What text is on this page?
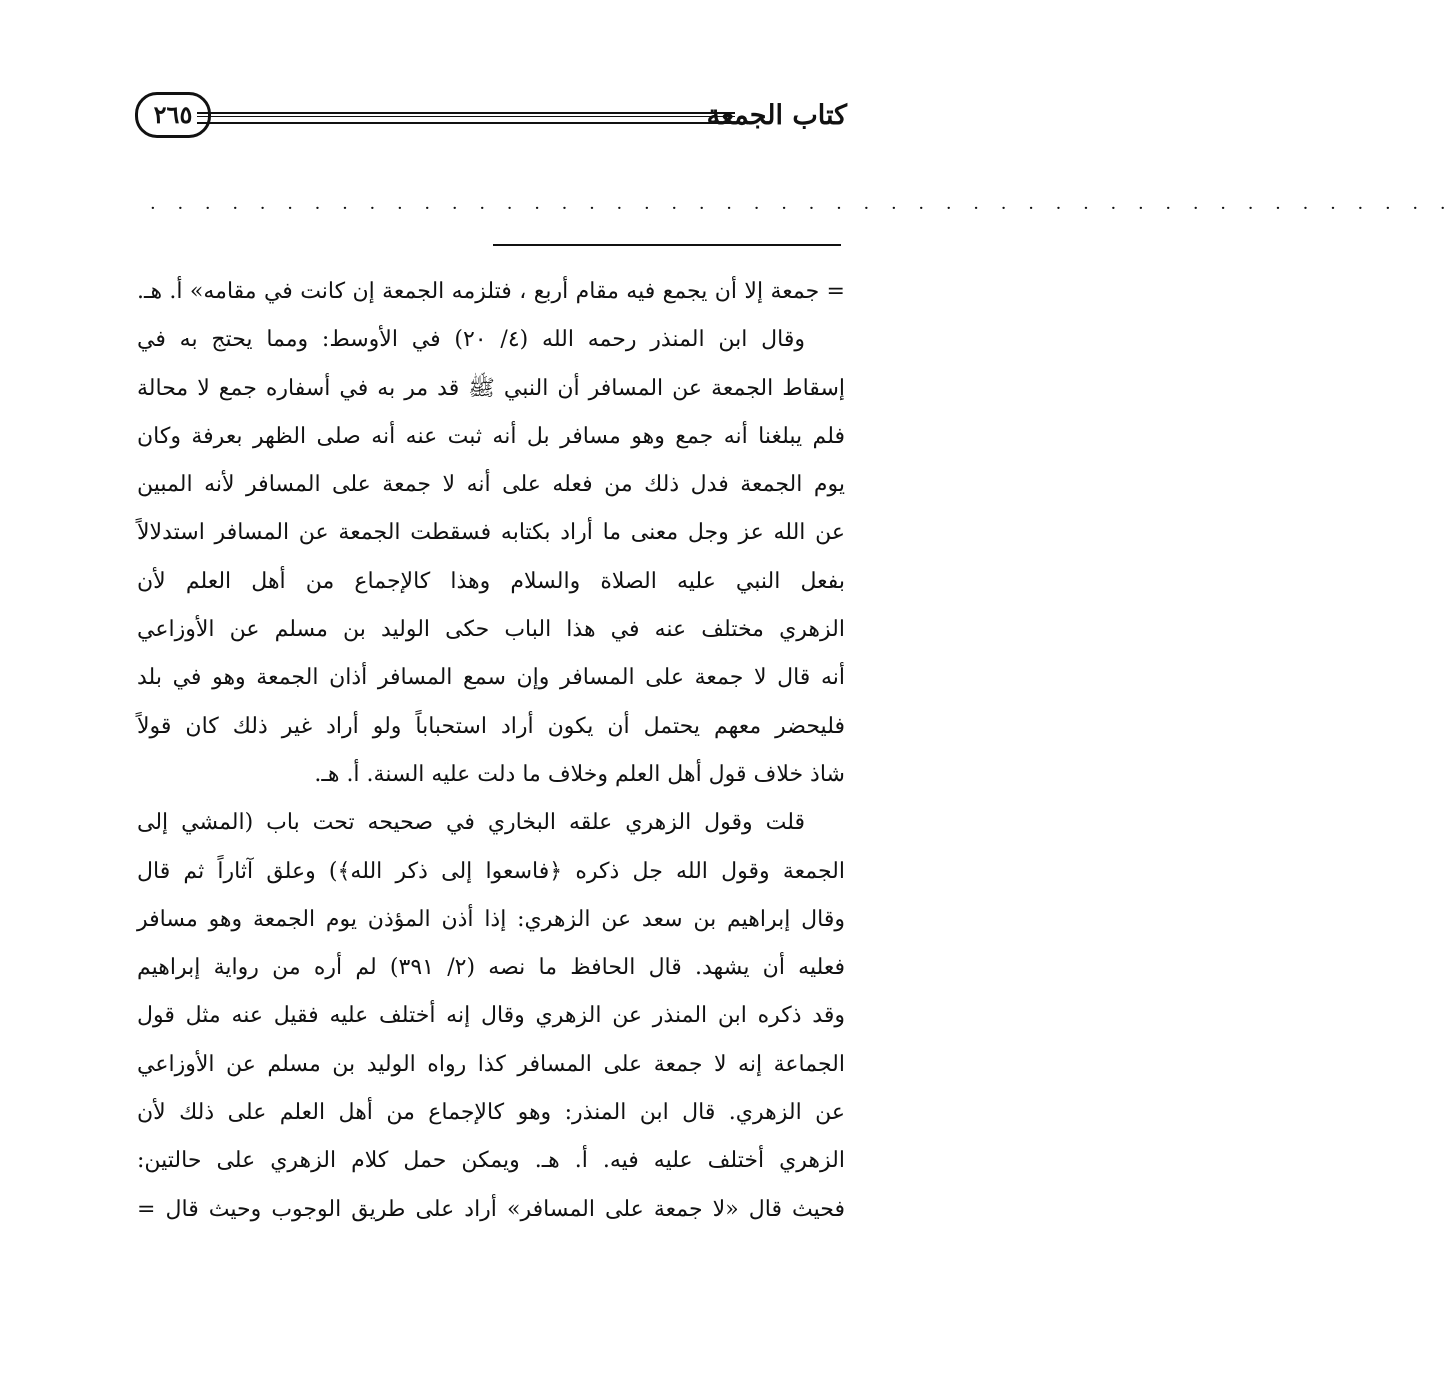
٢٦٥	كتاب الجمعة
· · · · · · · · · · · · · · · · · · · · · · · · · · · · · · · · · · · · · · · · · · · · · · · ·
= جمعة إلا أن يجمع فيه مقام أربع ، فتلزمه الجمعة إن كانت في مقامه» أ. هـ.
وقال ابن المنذر رحمه الله (٤/ ٢٠) في الأوسط: ومما يحتج به في
إسقاط الجمعة عن المسافر أن النبي ﷺ قد مر به في أسفاره جمع لا محالة
فلم يبلغنا أنه جمع وهو مسافر بل أنه ثبت عنه أنه صلى الظهر بعرفة وكان
يوم الجمعة فدل ذلك من فعله على أنه لا جمعة على المسافر لأنه المبين
عن الله عز وجل معنى ما أراد بكتابه فسقطت الجمعة عن المسافر استدلالاً
بفعل النبي عليه الصلاة والسلام وهذا كالإجماع من أهل العلم لأن
الزهري مختلف عنه في هذا الباب حكى الوليد بن مسلم عن الأوزاعي
أنه قال لا جمعة على المسافر وإن سمع المسافر أذان الجمعة وهو في بلد
فليحضر معهم يحتمل أن يكون أراد استحباباً ولو أراد غير ذلك كان قولاً
شاذ خلاف قول أهل العلم وخلاف ما دلت عليه السنة. أ. هـ.
قلت وقول الزهري علقه البخاري في صحيحه تحت باب (المشي إلى
الجمعة وقول الله جل ذكره ﴿فاسعوا إلى ذكر الله﴾) وعلق آثاراً ثم قال
وقال إبراهيم بن سعد عن الزهري: إذا أذن المؤذن يوم الجمعة وهو مسافر
فعليه أن يشهد. قال الحافظ ما نصه (٢/ ٣٩١) لم أره من رواية إبراهيم
وقد ذكره ابن المنذر عن الزهري وقال إنه أختلف عليه فقيل عنه مثل قول
الجماعة إنه لا جمعة على المسافر كذا رواه الوليد بن مسلم عن الأوزاعي
عن الزهري. قال ابن المنذر: وهو كالإجماع من أهل العلم على ذلك لأن
الزهري أختلف عليه فيه. أ. هـ. ويمكن حمل كلام الزهري على حالتين:
فحيث قال «لا جمعة على المسافر» أراد على طريق الوجوب وحيث قال =
